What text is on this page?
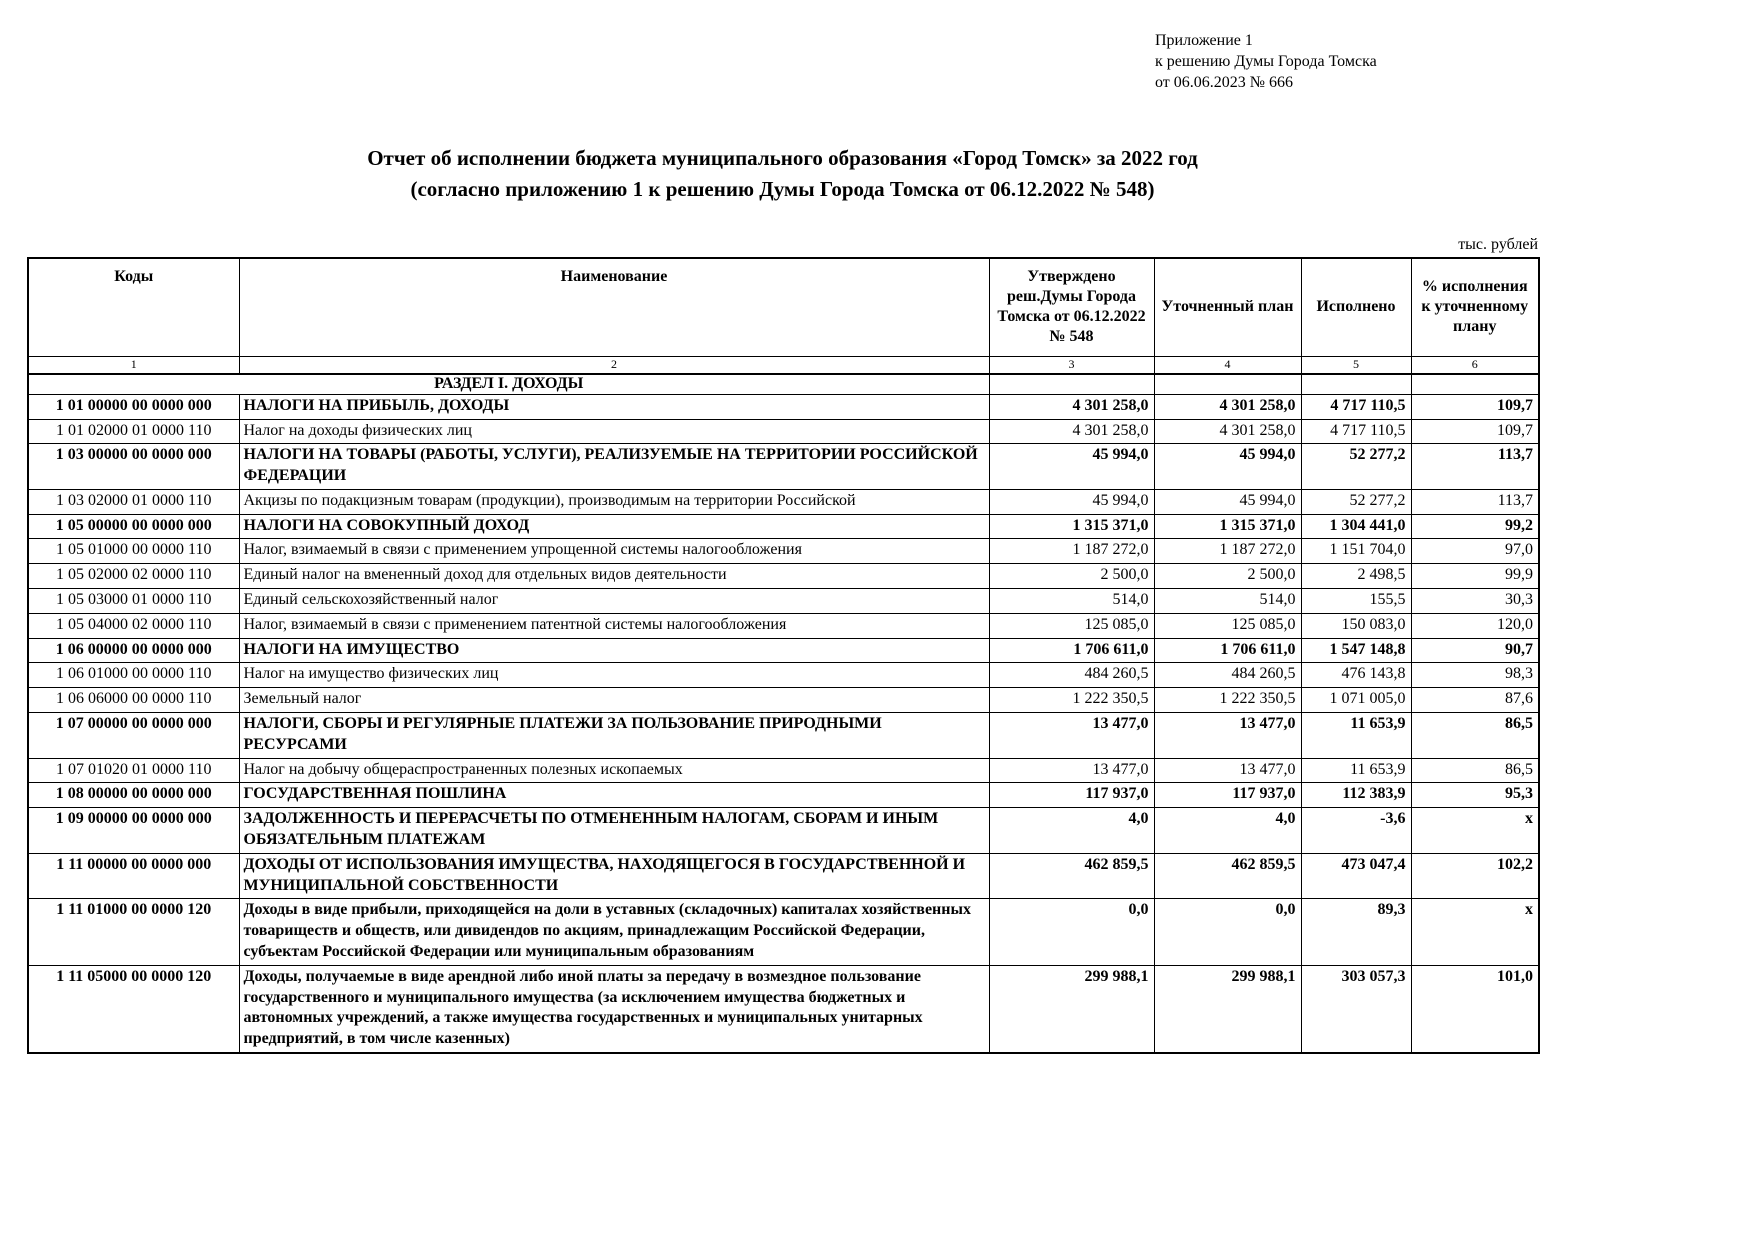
Приложение 1
к решению Думы Города Томска
от 06.06.2023 № 666
Отчет об исполнении бюджета муниципального образования «Город Томск» за 2022 год
(согласно приложению 1 к решению Думы Города Томска от 06.12.2022 № 548)
тыс. рублей
Коды	Наименование	Утверждено реш.Думы Города Томска от 06.12.2022 № 548	Уточненный план	Исполнено	% исполнения к уточненному плану
1	2	3	4	5	6
РАЗДЕЛ I. ДОХОДЫ					
1 01 00000 00 0000 000	НАЛОГИ НА ПРИБЫЛЬ, ДОХОДЫ	4 301 258,0	4 301 258,0	4 717 110,5	109,7
1 01 02000 01 0000 110	Налог на доходы физических лиц	4 301 258,0	4 301 258,0	4 717 110,5	109,7
1 03 00000 00 0000 000	НАЛОГИ НА ТОВАРЫ (РАБОТЫ, УСЛУГИ), РЕАЛИЗУЕМЫЕ НА ТЕРРИТОРИИ РОССИЙСКОЙ ФЕДЕРАЦИИ	45 994,0	45 994,0	52 277,2	113,7
1 03 02000 01 0000 110	Акцизы по подакцизным товарам (продукции), производимым на территории Российской	45 994,0	45 994,0	52 277,2	113,7
1 05 00000 00 0000 000	НАЛОГИ НА СОВОКУПНЫЙ ДОХОД	1 315 371,0	1 315 371,0	1 304 441,0	99,2
1 05 01000 00 0000 110	Налог, взимаемый в связи с применением упрощенной системы налогообложения	1 187 272,0	1 187 272,0	1 151 704,0	97,0
1 05 02000 02 0000 110	Единый налог на вмененный доход для отдельных видов деятельности	2 500,0	2 500,0	2 498,5	99,9
1 05 03000 01 0000 110	Единый сельскохозяйственный налог	514,0	514,0	155,5	30,3
1 05 04000 02 0000 110	Налог, взимаемый в связи с применением патентной системы налогообложения	125 085,0	125 085,0	150 083,0	120,0
1 06 00000 00 0000 000	НАЛОГИ НА ИМУЩЕСТВО	1 706 611,0	1 706 611,0	1 547 148,8	90,7
1 06 01000 00 0000 110	Налог на имущество физических лиц	484 260,5	484 260,5	476 143,8	98,3
1 06 06000 00 0000 110	Земельный налог	1 222 350,5	1 222 350,5	1 071 005,0	87,6
1 07 00000 00 0000 000	НАЛОГИ, СБОРЫ И РЕГУЛЯРНЫЕ ПЛАТЕЖИ ЗА ПОЛЬЗОВАНИЕ ПРИРОДНЫМИ РЕСУРСАМИ	13 477,0	13 477,0	11 653,9	86,5
1 07 01020 01 0000 110	Налог на добычу общераспространенных полезных ископаемых	13 477,0	13 477,0	11 653,9	86,5
1 08 00000 00 0000 000	ГОСУДАРСТВЕННАЯ ПОШЛИНА	117 937,0	117 937,0	112 383,9	95,3
1 09 00000 00 0000 000	ЗАДОЛЖЕННОСТЬ И ПЕРЕРАСЧЕТЫ ПО ОТМЕНЕННЫМ НАЛОГАМ, СБОРАМ И ИНЫМ ОБЯЗАТЕЛЬНЫМ ПЛАТЕЖАМ	4,0	4,0	-3,6	x
1 11 00000 00 0000 000	ДОХОДЫ ОТ ИСПОЛЬЗОВАНИЯ ИМУЩЕСТВА, НАХОДЯЩЕГОСЯ В ГОСУДАРСТВЕННОЙ И МУНИЦИПАЛЬНОЙ СОБСТВЕННОСТИ	462 859,5	462 859,5	473 047,4	102,2
1 11 01000 00 0000 120	Доходы в виде прибыли, приходящейся на доли в уставных (складочных) капиталах хозяйственных товариществ и обществ, или дивидендов по акциям, принадлежащим Российской Федерации, субъектам Российской Федерации или муниципальным образованиям	0,0	0,0	89,3	x
1 11 05000 00 0000 120	Доходы, получаемые в виде арендной либо иной платы за передачу в возмездное пользование государственного и муниципального имущества (за исключением имущества бюджетных и автономных учреждений, а также имущества государственных и муниципальных унитарных предприятий, в том числе казенных)	299 988,1	299 988,1	303 057,3	101,0
